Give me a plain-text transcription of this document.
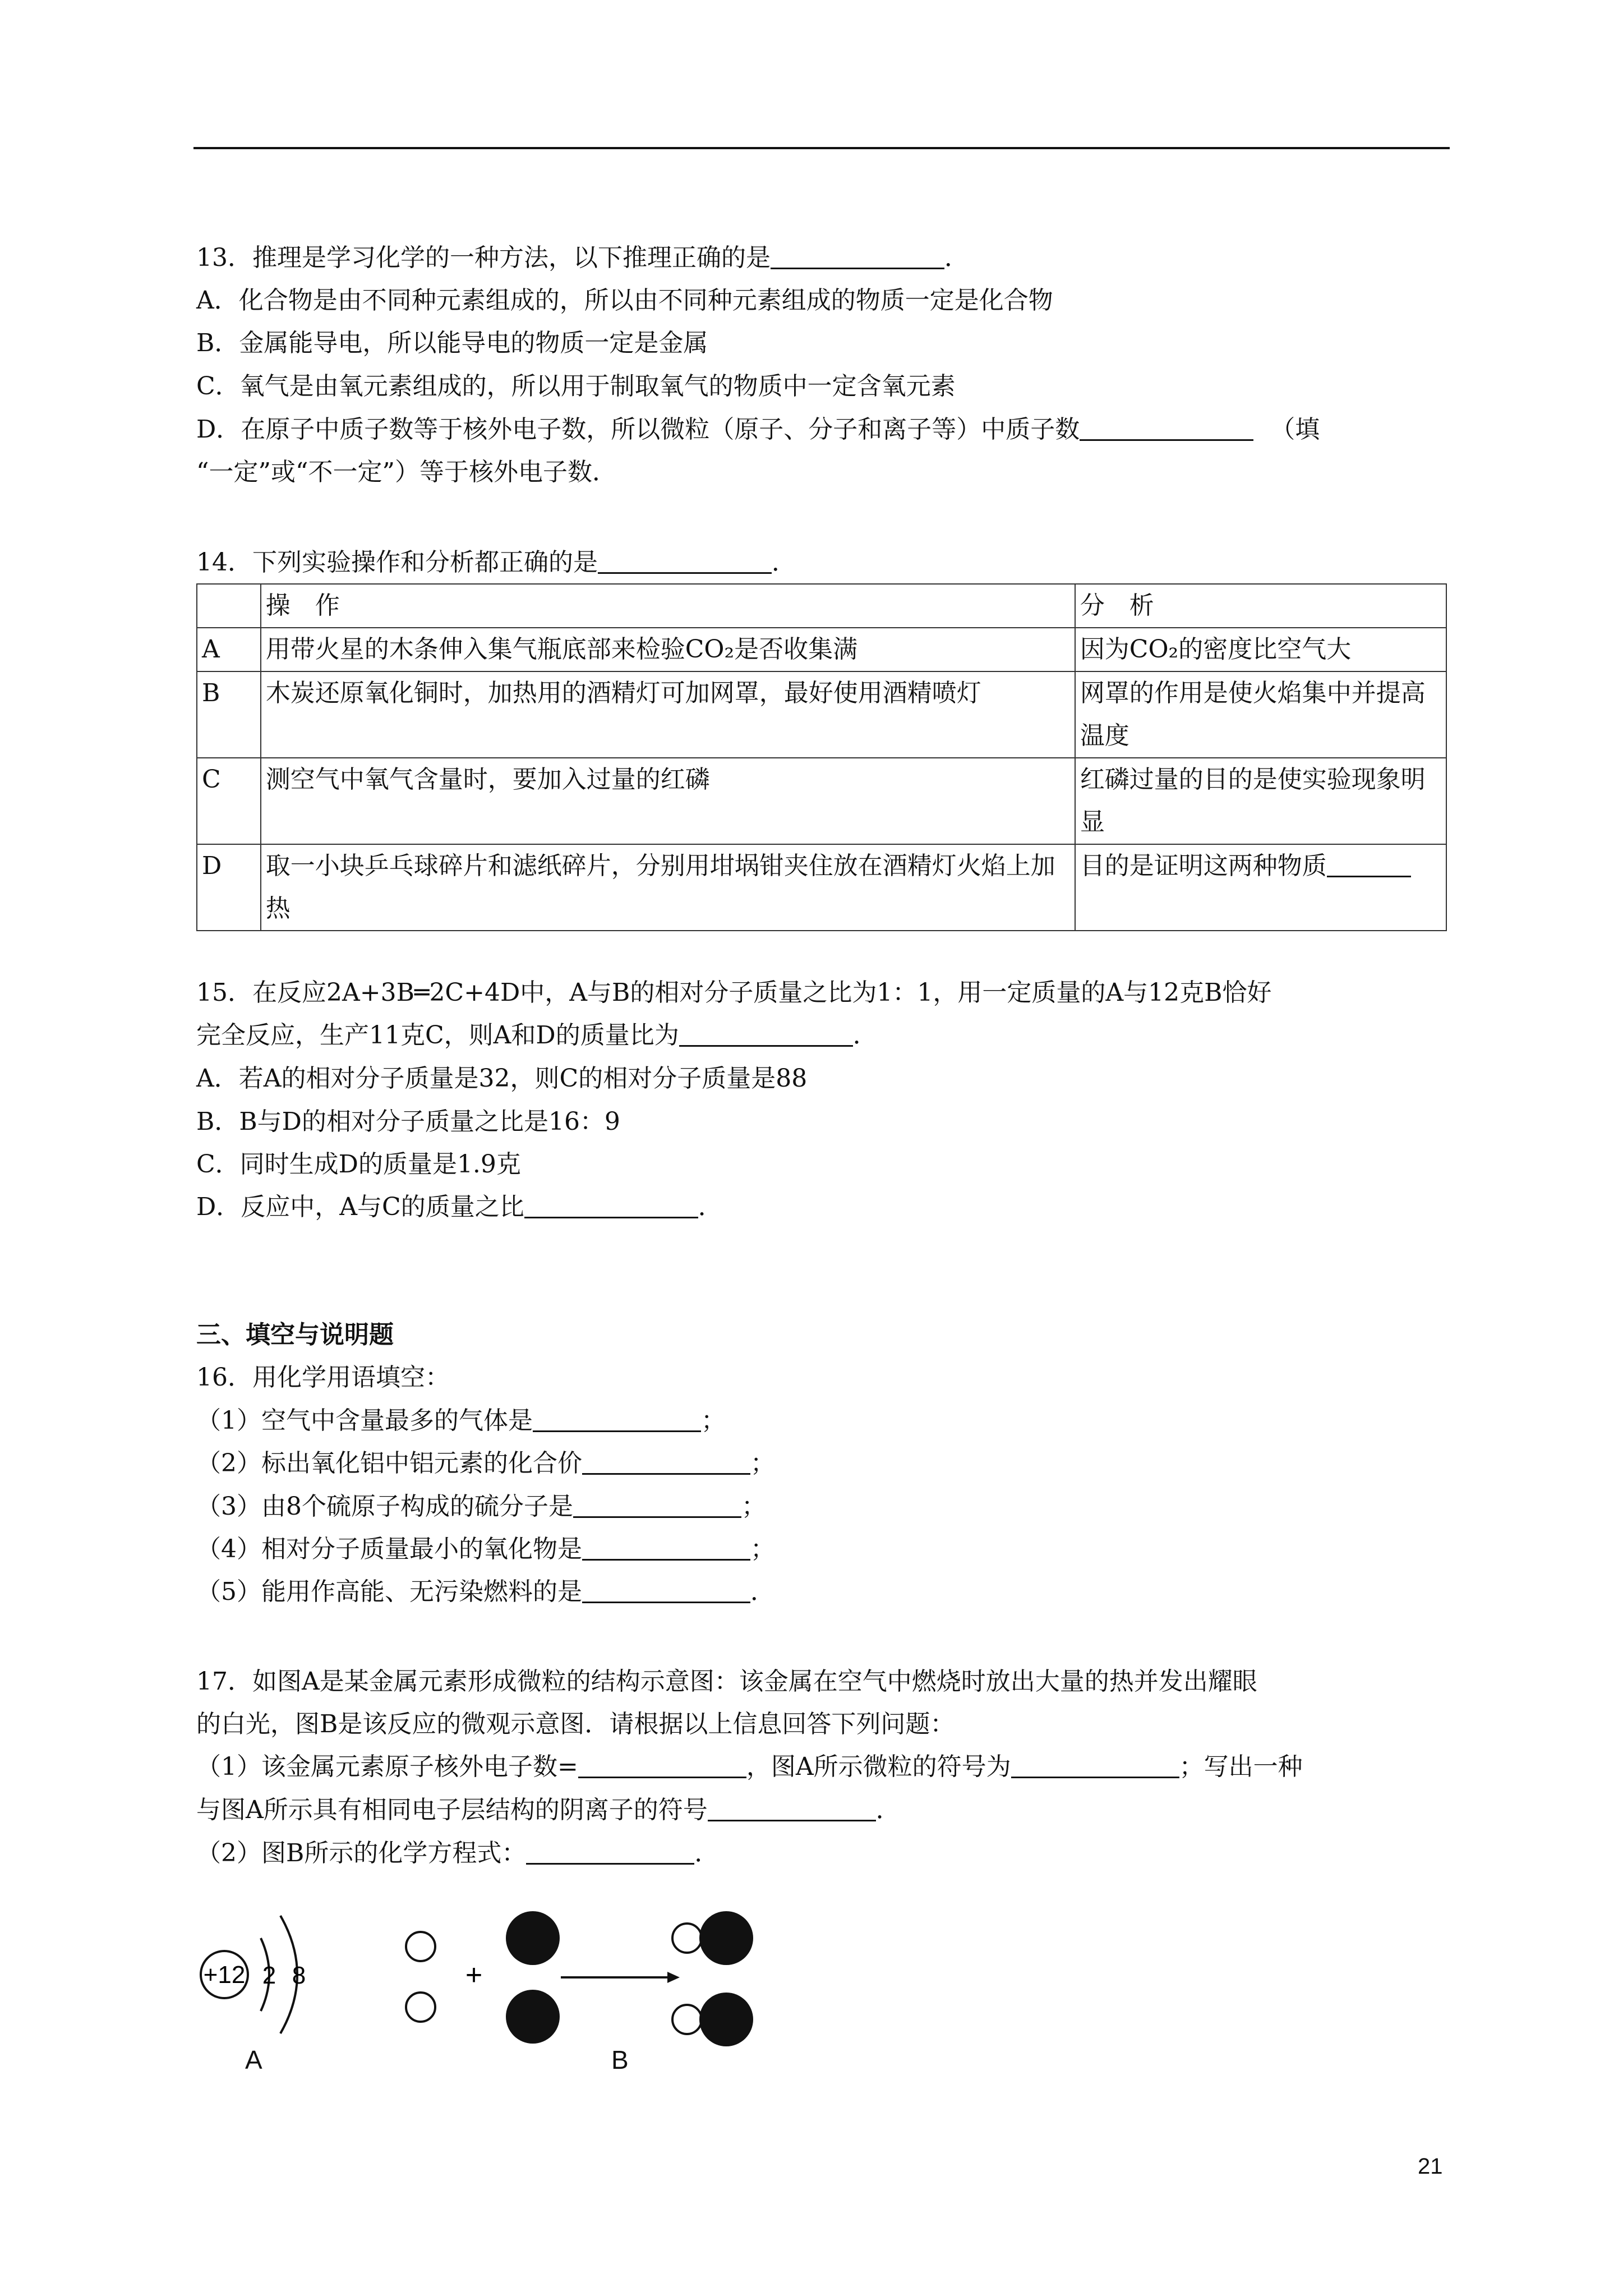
13．推理是学习化学的一种方法，以下推理正确的是	．
A．化合物是由不同种元素组成的，所以由不同种元素组成的物质一定是化合物
B．金属能导电，所以能导电的物质一定是金属
C．氧气是由氧元素组成的，所以用于制取氧气的物质中一定含氧元素
D．在原子中质子数等于核外电子数，所以微粒（原子、分子和离子等）中质子数	（填
“一定”或“不一定”）等于核外电子数．
14．下列实验操作和分析都正确的是	．
	操　作	分　析
A	用带火星的木条伸入集气瓶底部来检验CO₂是否收集满	因为CO₂的密度比空气大
B	木炭还原氧化铜时，加热用的酒精灯可加网罩，最好使用酒精喷灯	网罩的作用是使火焰集中并提高温度
C	测空气中氧气含量时，要加入过量的红磷	红磷过量的目的是使实验现象明显
D	取一小块乒乓球碎片和滤纸碎片，分别用坩埚钳夹住放在酒精灯火焰上加热	目的是证明这两种物质
15．在反应2A+3B═2C+4D中，A与B的相对分子质量之比为1：1，用一定质量的A与12克B恰好
完全反应，生产11克C，则A和D的质量比为	．
A．若A的相对分子质量是32，则C的相对分子质量是88
B．B与D的相对分子质量之比是16：9
C．同时生成D的质量是1.9克
D．反应中，A与C的质量之比	．
三、填空与说明题
16．用化学用语填空：
（1）空气中含量最多的气体是	；
（2）标出氧化铝中铝元素的化合价	；
（3）由8个硫原子构成的硫分子是	；
（4）相对分子质量最小的氧化物是	；
（5）能用作高能、无污染燃料的是	．
17．如图A是某金属元素形成微粒的结构示意图：该金属在空气中燃烧时放出大量的热并发出耀眼
的白光，图B是该反应的微观示意图．请根据以上信息回答下列问题：
（1）该金属元素原子核外电子数=	，图A所示微粒的符号为	；写出一种
与图A所示具有相同电子层结构的阴离子的符号	．
（2）图B所示的化学方程式：	．
+12 2 8	+
A	B
21
